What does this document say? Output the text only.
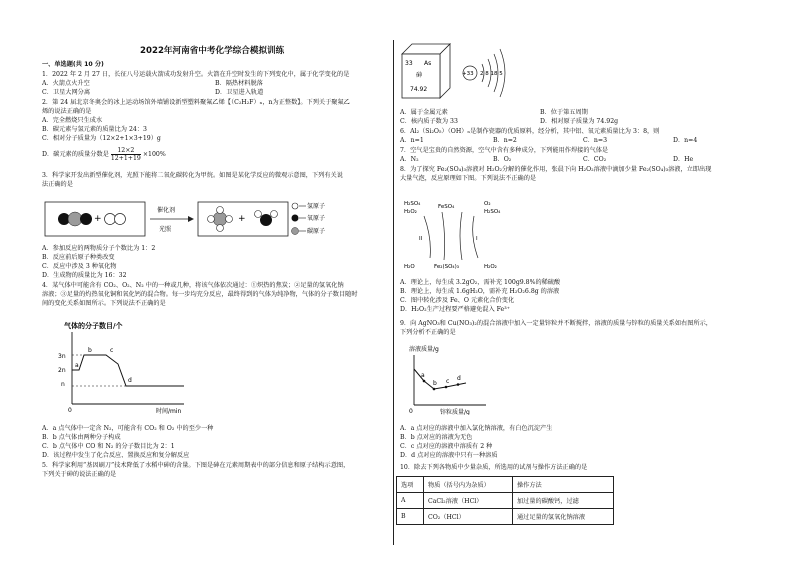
2022年河南省中考化学综合模拟训练
一、单选题(共 10 分)
1．2022 年 2 月 27 日，长征八号运载火箭成功发射升空。火箭在升空时发生的下列变化中，属于化学变化的是
A．火箭点火升空	B．隔热材料脱落
C．卫星大网分离	D．卫星进入轨道
2．第 24 届北京冬奥会的冰上运动场馆外墙铺设新型塑料聚氟乙烯【（C₂H₂F）ₙ，n为正整数】。下列关于聚氟乙
烯的说法正确的是
A．完全燃烧只生成水
B．碳元素与氢元素的质量比为 24：3
C．相对分子质量为（12×2+1×3+19）g
D．碳元素的质量分数是 $\frac{12\times 2}{12+1+19} \times 100\%$
3．科学家开发出新型催化剂，光照下能将二氧化碳转化为甲烷。如图是某化学反应的微观示意图，下列有关说
法正确的是
+
催化剂
光照
+
氢原子
氧原子
碳原子
A．参加反应的两物质分子个数比为 1：2
B．反应前后原子种类改变
C．反应中涉及 3 种氧化物
D．生成物的质量比为 16：32
4．某气体中可能含有 CO₂、O₂、N₂ 中的一种或几种，将该气体依次通过：①炽热的焦炭；②足量的氢氧化钠
溶液；③足量的灼热氧化铜和氧化钙的混合物。每一步均充分反应，最终得到的气体为纯净物，气体的分子数目随时
间的变化关系如图所示。下列说法不正确的是
气体的分子数目/个
3n
2n
n
0	时间/min
a
b	c
d
A．a 点气体中一定含 N₂，可能含有 CO₂ 和 O₂ 中的至少一种
B．b 点气体由两种分子构成
C．b 点气体中 CO 和 N₂ 的分子数目比为 2：1
D．该过程中发生了化合反应、置换反应和复分解反应
5．科学家利用“基因刷刀”技术降低了水稻中砷的含量。下图是砷在元素周期表中的部分信息和原子结构示意图，
下列关于砷的说法正确的是
33 As
砷
74.92
+33 2 8 18 5
A．属于金属元素	B．位于第五周期
C．核内质子数为 33	D．相对原子质量为 74.92g
6．Al₂（Si₂O₅）（OH）ₙ是制作瓷器的优质原料，经分析，其中铝、氧元素质量比为 3：8，则
A．n=1	B．n=2	C．n=3	D．n=4
7．空气是宝贵的自然资源，空气中含有多种成分，下列能用作焊接的气体是
A．N₂	B．O₂	C．CO₂	D．He
8．为了探究 Fe₂(SO₄)₃溶液对 H₂O₂分解的催化作用，张晨下向 H₂O₂溶液中滴加少量 Fe₂(SO₄)₃溶液，立即出现
大量气泡，反应原理如下图。下列说法不正确的是
H₂SO₄
H₂O₂
FeSO₄	O₂
H₂SO₄
H₂O	Fe₂(SO₄)₃	H₂O₂
II	I
A．理论上，每生成 3.2gO₂，需补充 100g9.8%的稀硫酸
B．理论上，每生成 1.6gH₂O，需补充 H₂O₂6.8g 的溶液
C．图中转化涉及 Fe、O 元素化合价变化
D．H₂O₂生产过程要严格避免混入 Fe³⁺
9．向 AgNO₃和 Cu(NO₃)₂的混合溶液中加入一定量锌粒并不断搅拌，溶液的质量与锌粒的质量关系如右图所示，
下列分析不正确的是
溶液质量/g
a
b c d
0	锌粒质量/g
A．a 点对应的溶液中加入氯化钠溶液，有白色沉淀产生
B．b 点对应的溶液为无色
C．c 点对应的溶液中溶质有 2 种
D．d 点对应的溶液中只有一种溶质
10．除去下列各物质中少量杂质，所选用的试剂与操作方法正确的是
选项	物质（括号内为杂质）	操作方法
A	CaCl₂溶液（HCl）	加过量的碳酸钙，过滤
B	CO₂（HCl）	通过足量的氢氧化钠溶液
